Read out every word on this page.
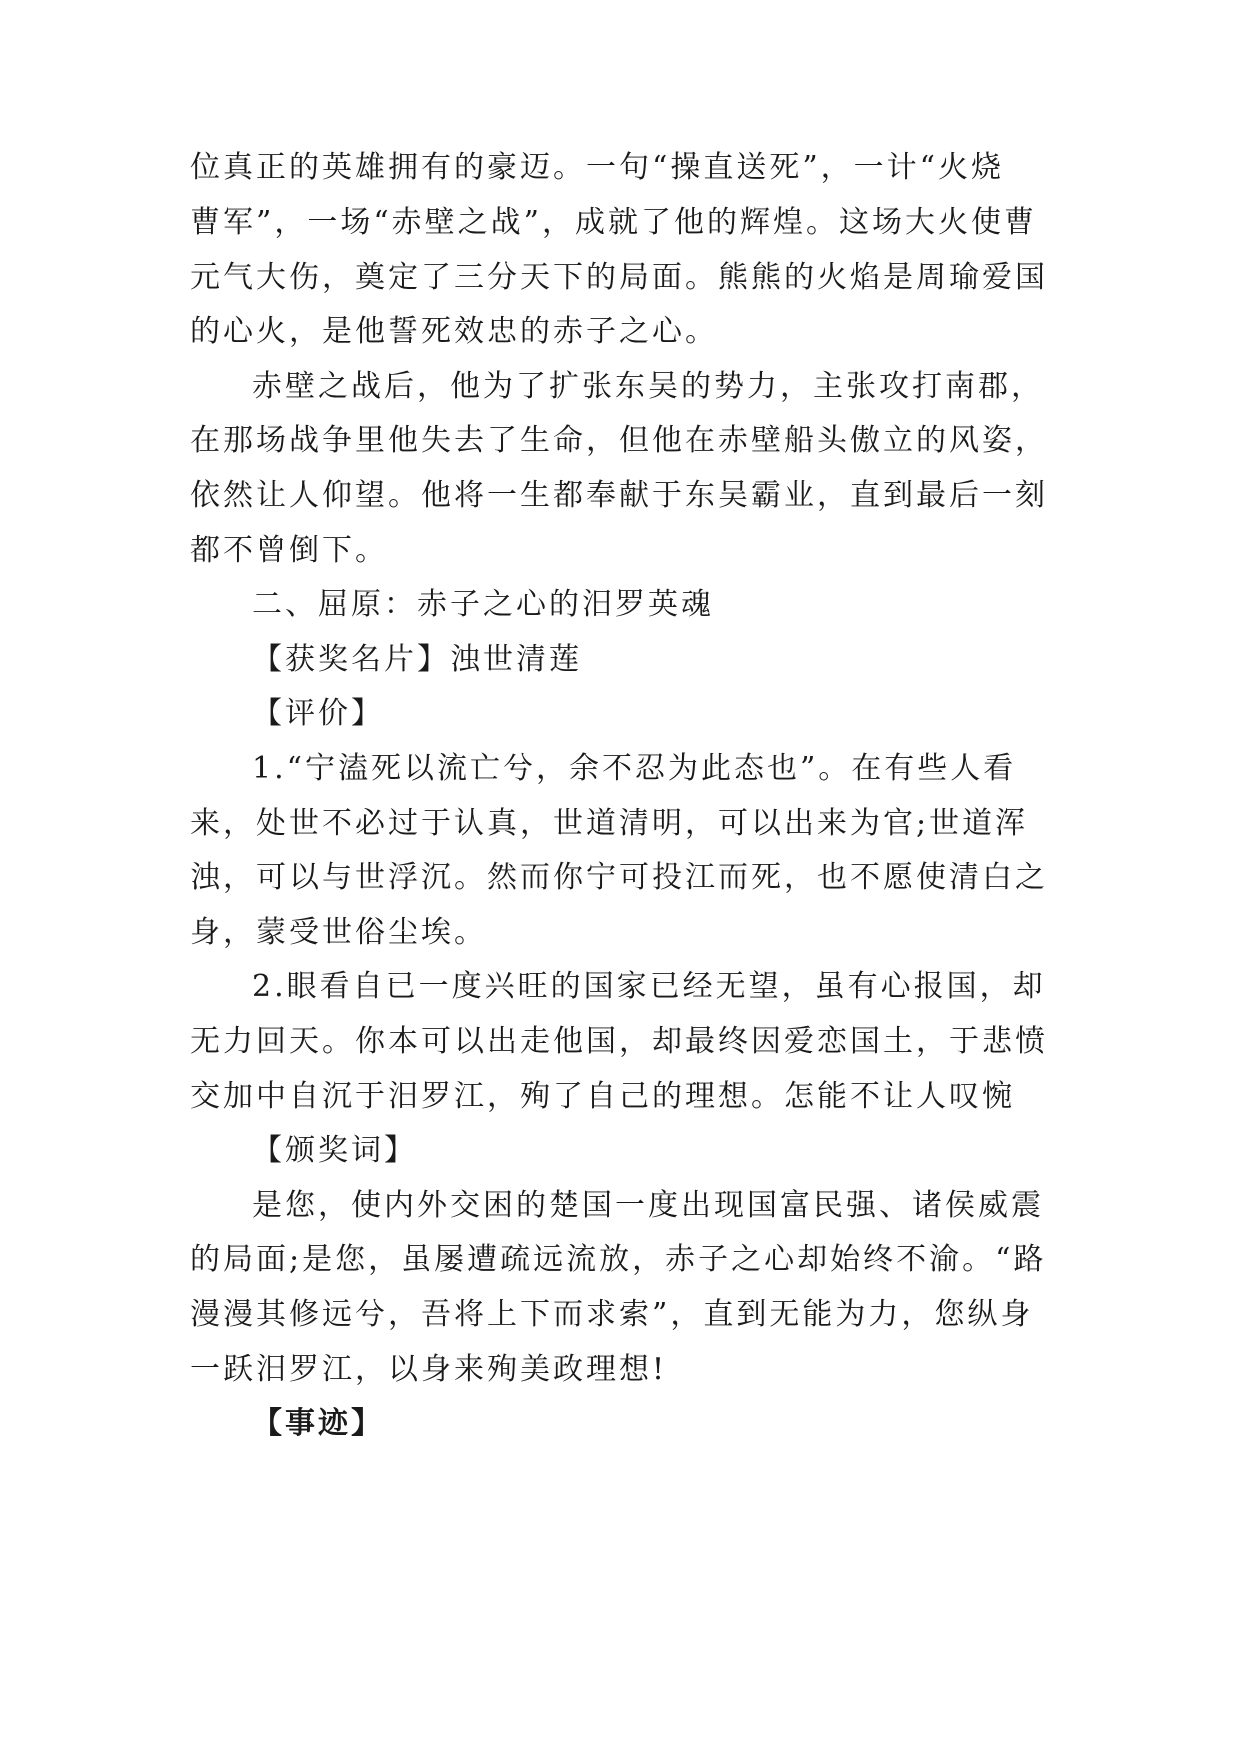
位真正的英雄拥有的豪迈。一句“操直送死”，一计“火烧
曹军”，一场“赤壁之战”，成就了他的辉煌。这场大火使曹
元气大伤，奠定了三分天下的局面。熊熊的火焰是周瑜爱国
的心火，是他誓死效忠的赤子之心。
赤壁之战后，他为了扩张东吴的势力，主张攻打南郡，
在那场战争里他失去了生命，但他在赤壁船头傲立的风姿，
依然让人仰望。他将一生都奉献于东吴霸业，直到最后一刻
都不曾倒下。
二、屈原：赤子之心的汨罗英魂
【获奖名片】浊世清莲
【评价】
1.“宁溘死以流亡兮，余不忍为此态也”。在有些人看
来，处世不必过于认真，世道清明，可以出来为官;世道浑
浊，可以与世浮沉。然而你宁可投江而死，也不愿使清白之
身，蒙受世俗尘埃。
2.眼看自已一度兴旺的国家已经无望，虽有心报国，却
无力回天。你本可以出走他国，却最终因爱恋国土，于悲愤
交加中自沉于汨罗江，殉了自己的理想。怎能不让人叹惋
【颁奖词】
是您，使内外交困的楚国一度出现国富民强、诸侯威震
的局面;是您，虽屡遭疏远流放，赤子之心却始终不渝。“路
漫漫其修远兮，吾将上下而求索”，直到无能为力，您纵身
一跃汨罗江，以身来殉美政理想!
【事迹】
